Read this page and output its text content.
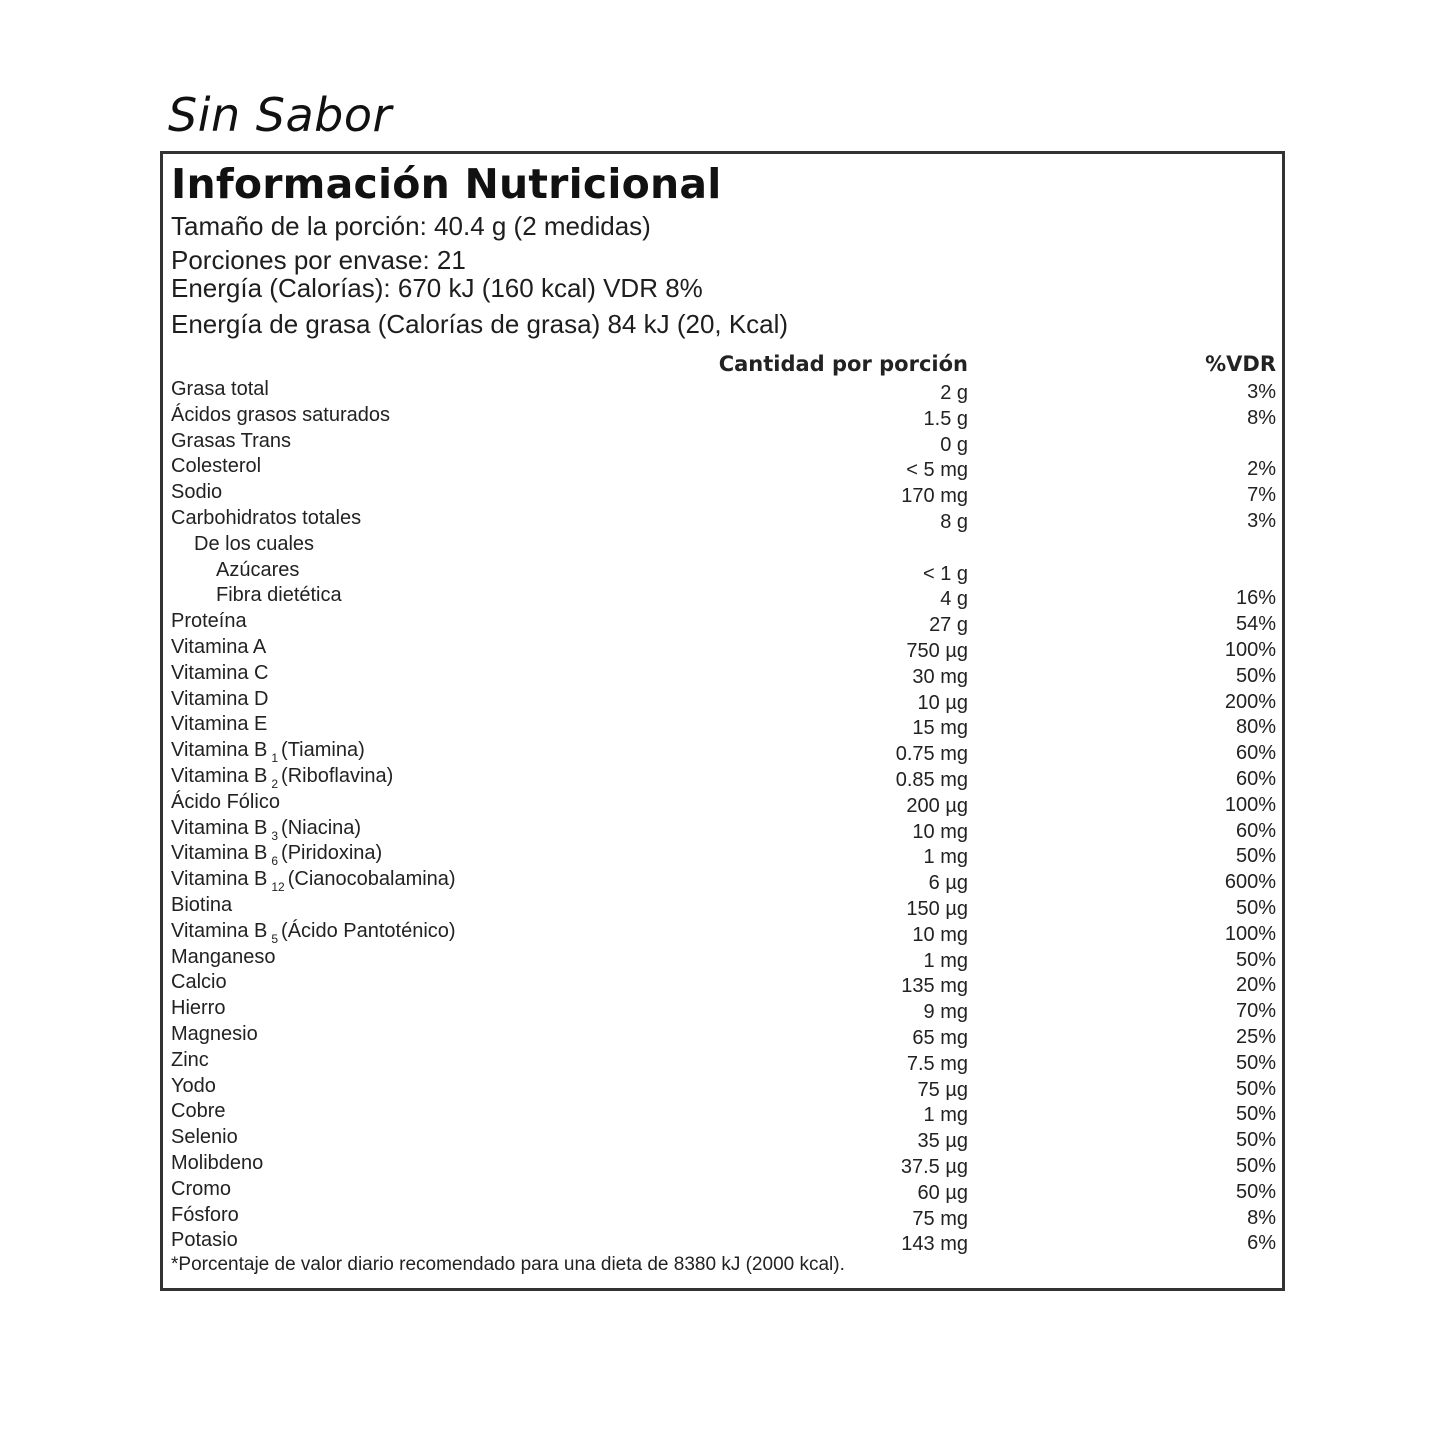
Sin Sabor
Información Nutricional
Tamaño de la porción: 40.4 g (2 medidas)
Porciones por envase: 21
Energía (Calorías): 670 kJ (160 kcal) VDR 8%
Energía de grasa (Calorías de grasa) 84 kJ (20, Kcal)
Cantidad por porción	%VDR
Grasa total	2 g	3%
Ácidos grasos saturados	1.5 g	8%
Grasas Trans	0 g
Colesterol	< 5 mg	2%
Sodio	170 mg	7%
Carbohidratos totales	8 g	3%
De los cuales
Azúcares	< 1 g
Fibra dietética	4 g	16%
Proteína	27 g	54%
Vitamina A	750 µg	100%
Vitamina C	30 mg	50%
Vitamina D	10 µg	200%
Vitamina E	15 mg	80%
Vitamina B $_1$ (Tiamina)	0.75 mg	60%
Vitamina B $_2$ (Riboflavina)	0.85 mg	60%
Ácido Fólico	200 µg	100%
Vitamina B $_3$ (Niacina)	10 mg	60%
Vitamina B $_6$ (Piridoxina)	1 mg	50%
Vitamina B $_{12}$ (Cianocobalamina)	6 µg	600%
Biotina	150 µg	50%
Vitamina B $_5$ (Ácido Pantoténico)	10 mg	100%
Manganeso	1 mg	50%
Calcio	135 mg	20%
Hierro	9 mg	70%
Magnesio	65 mg	25%
Zinc	7.5 mg	50%
Yodo	75 µg	50%
Cobre	1 mg	50%
Selenio	35 µg	50%
Molibdeno	37.5 µg	50%
Cromo	60 µg	50%
Fósforo	75 mg	8%
Potasio	143 mg	6%
*Porcentaje de valor diario recomendado para una dieta de 8380 kJ (2000 kcal).
